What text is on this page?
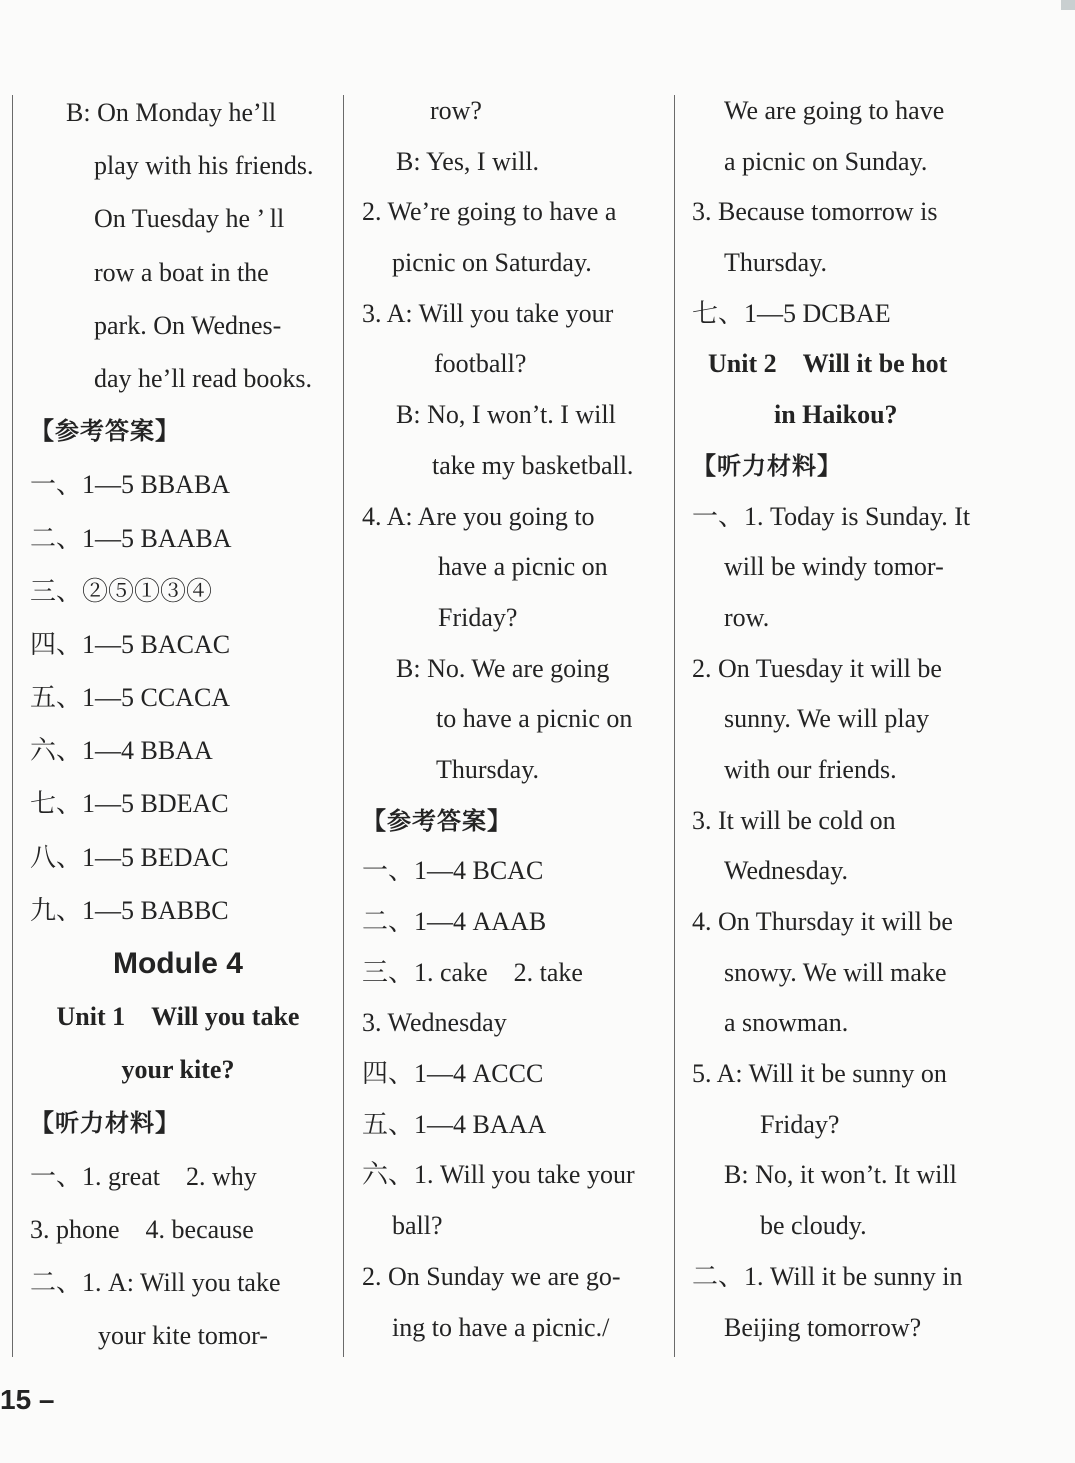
B: On Monday he’ll
play with his friends.
On Tuesday he ’ ll
row a boat in the
park. On Wednes-
day he’ll read books.
【参考答案】
一、1—5 BBABA
二、1—5 BAABA
三、②⑤①③④
四、1—5 BACAC
五、1—5 CCACA
六、1—4 BBAA
七、1—5 BDEAC
八、1—5 BEDAC
九、1—5 BABBC
Module 4
Unit 1 Will you take
your kite?
【听力材料】
一、1. great 2. why
3. phone 4. because
二、1. A: Will you take
your kite tomor-
row?
B: Yes, I will.
2. We’re going to have a
picnic on Saturday.
3. A: Will you take your
football?
B: No, I won’t. I will
take my basketball.
4. A: Are you going to
have a picnic on
Friday?
B: No. We are going
to have a picnic on
Thursday.
【参考答案】
一、1—4 BCAC
二、1—4 AAAB
三、1. cake 2. take
3. Wednesday
四、1—4 ACCC
五、1—4 BAAA
六、1. Will you take your
ball?
2. On Sunday we are go-
ing to have a picnic./
We are going to have
a picnic on Sunday.
3. Because tomorrow is
Thursday.
七、1—5 DCBAE
Unit 2 Will it be hot
in Haikou?
【听力材料】
一、1. Today is Sunday. It
will be windy tomor-
row.
2. On Tuesday it will be
sunny. We will play
with our friends.
3. It will be cold on
Wednesday.
4. On Thursday it will be
snowy. We will make
a snowman.
5. A: Will it be sunny on
Friday?
B: No, it won’t. It will
be cloudy.
二、1. Will it be sunny in
Beijing tomorrow?
15 –
